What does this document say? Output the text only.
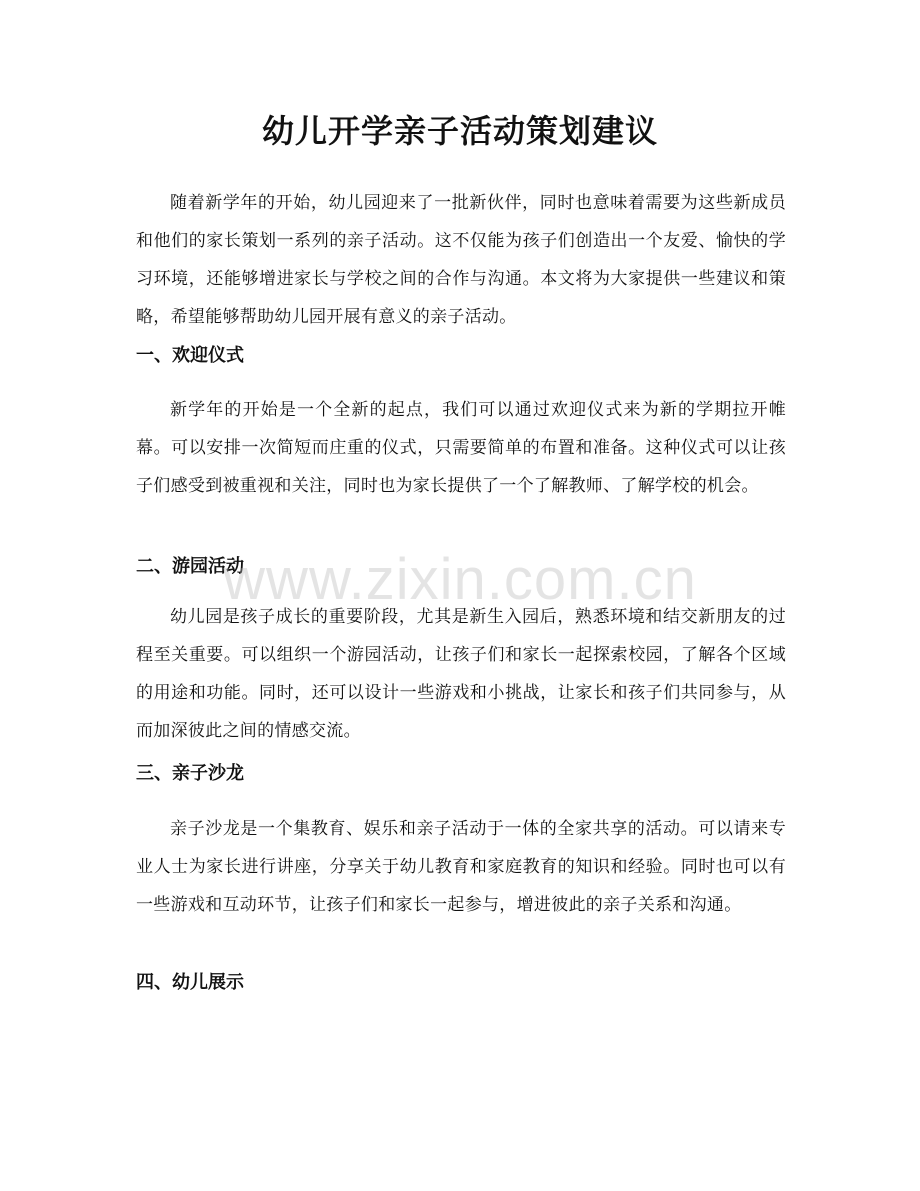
幼儿开学亲子活动策划建议

随着新学年的开始，幼儿园迎来了一批新伙伴，同时也意味着需要为这些新成员和他们的家长策划一系列的亲子活动。这不仅能为孩子们创造出一个友爱、愉快的学习环境，还能够增进家长与学校之间的合作与沟通。本文将为大家提供一些建议和策略，希望能够帮助幼儿园开展有意义的亲子活动。

一、欢迎仪式

新学年的开始是一个全新的起点，我们可以通过欢迎仪式来为新的学期拉开帷幕。可以安排一次简短而庄重的仪式，只需要简单的布置和准备。这种仪式可以让孩子们感受到被重视和关注，同时也为家长提供了一个了解教师、了解学校的机会。

二、游园活动

幼儿园是孩子成长的重要阶段，尤其是新生入园后，熟悉环境和结交新朋友的过程至关重要。可以组织一个游园活动，让孩子们和家长一起探索校园，了解各个区域的用途和功能。同时，还可以设计一些游戏和小挑战，让家长和孩子们共同参与，从而加深彼此之间的情感交流。

三、亲子沙龙

亲子沙龙是一个集教育、娱乐和亲子活动于一体的全家共享的活动。可以请来专业人士为家长进行讲座，分享关于幼儿教育和家庭教育的知识和经验。同时也可以有一些游戏和互动环节，让孩子们和家长一起参与，增进彼此的亲子关系和沟通。

四、幼儿展示
www.zixin.com.cn
